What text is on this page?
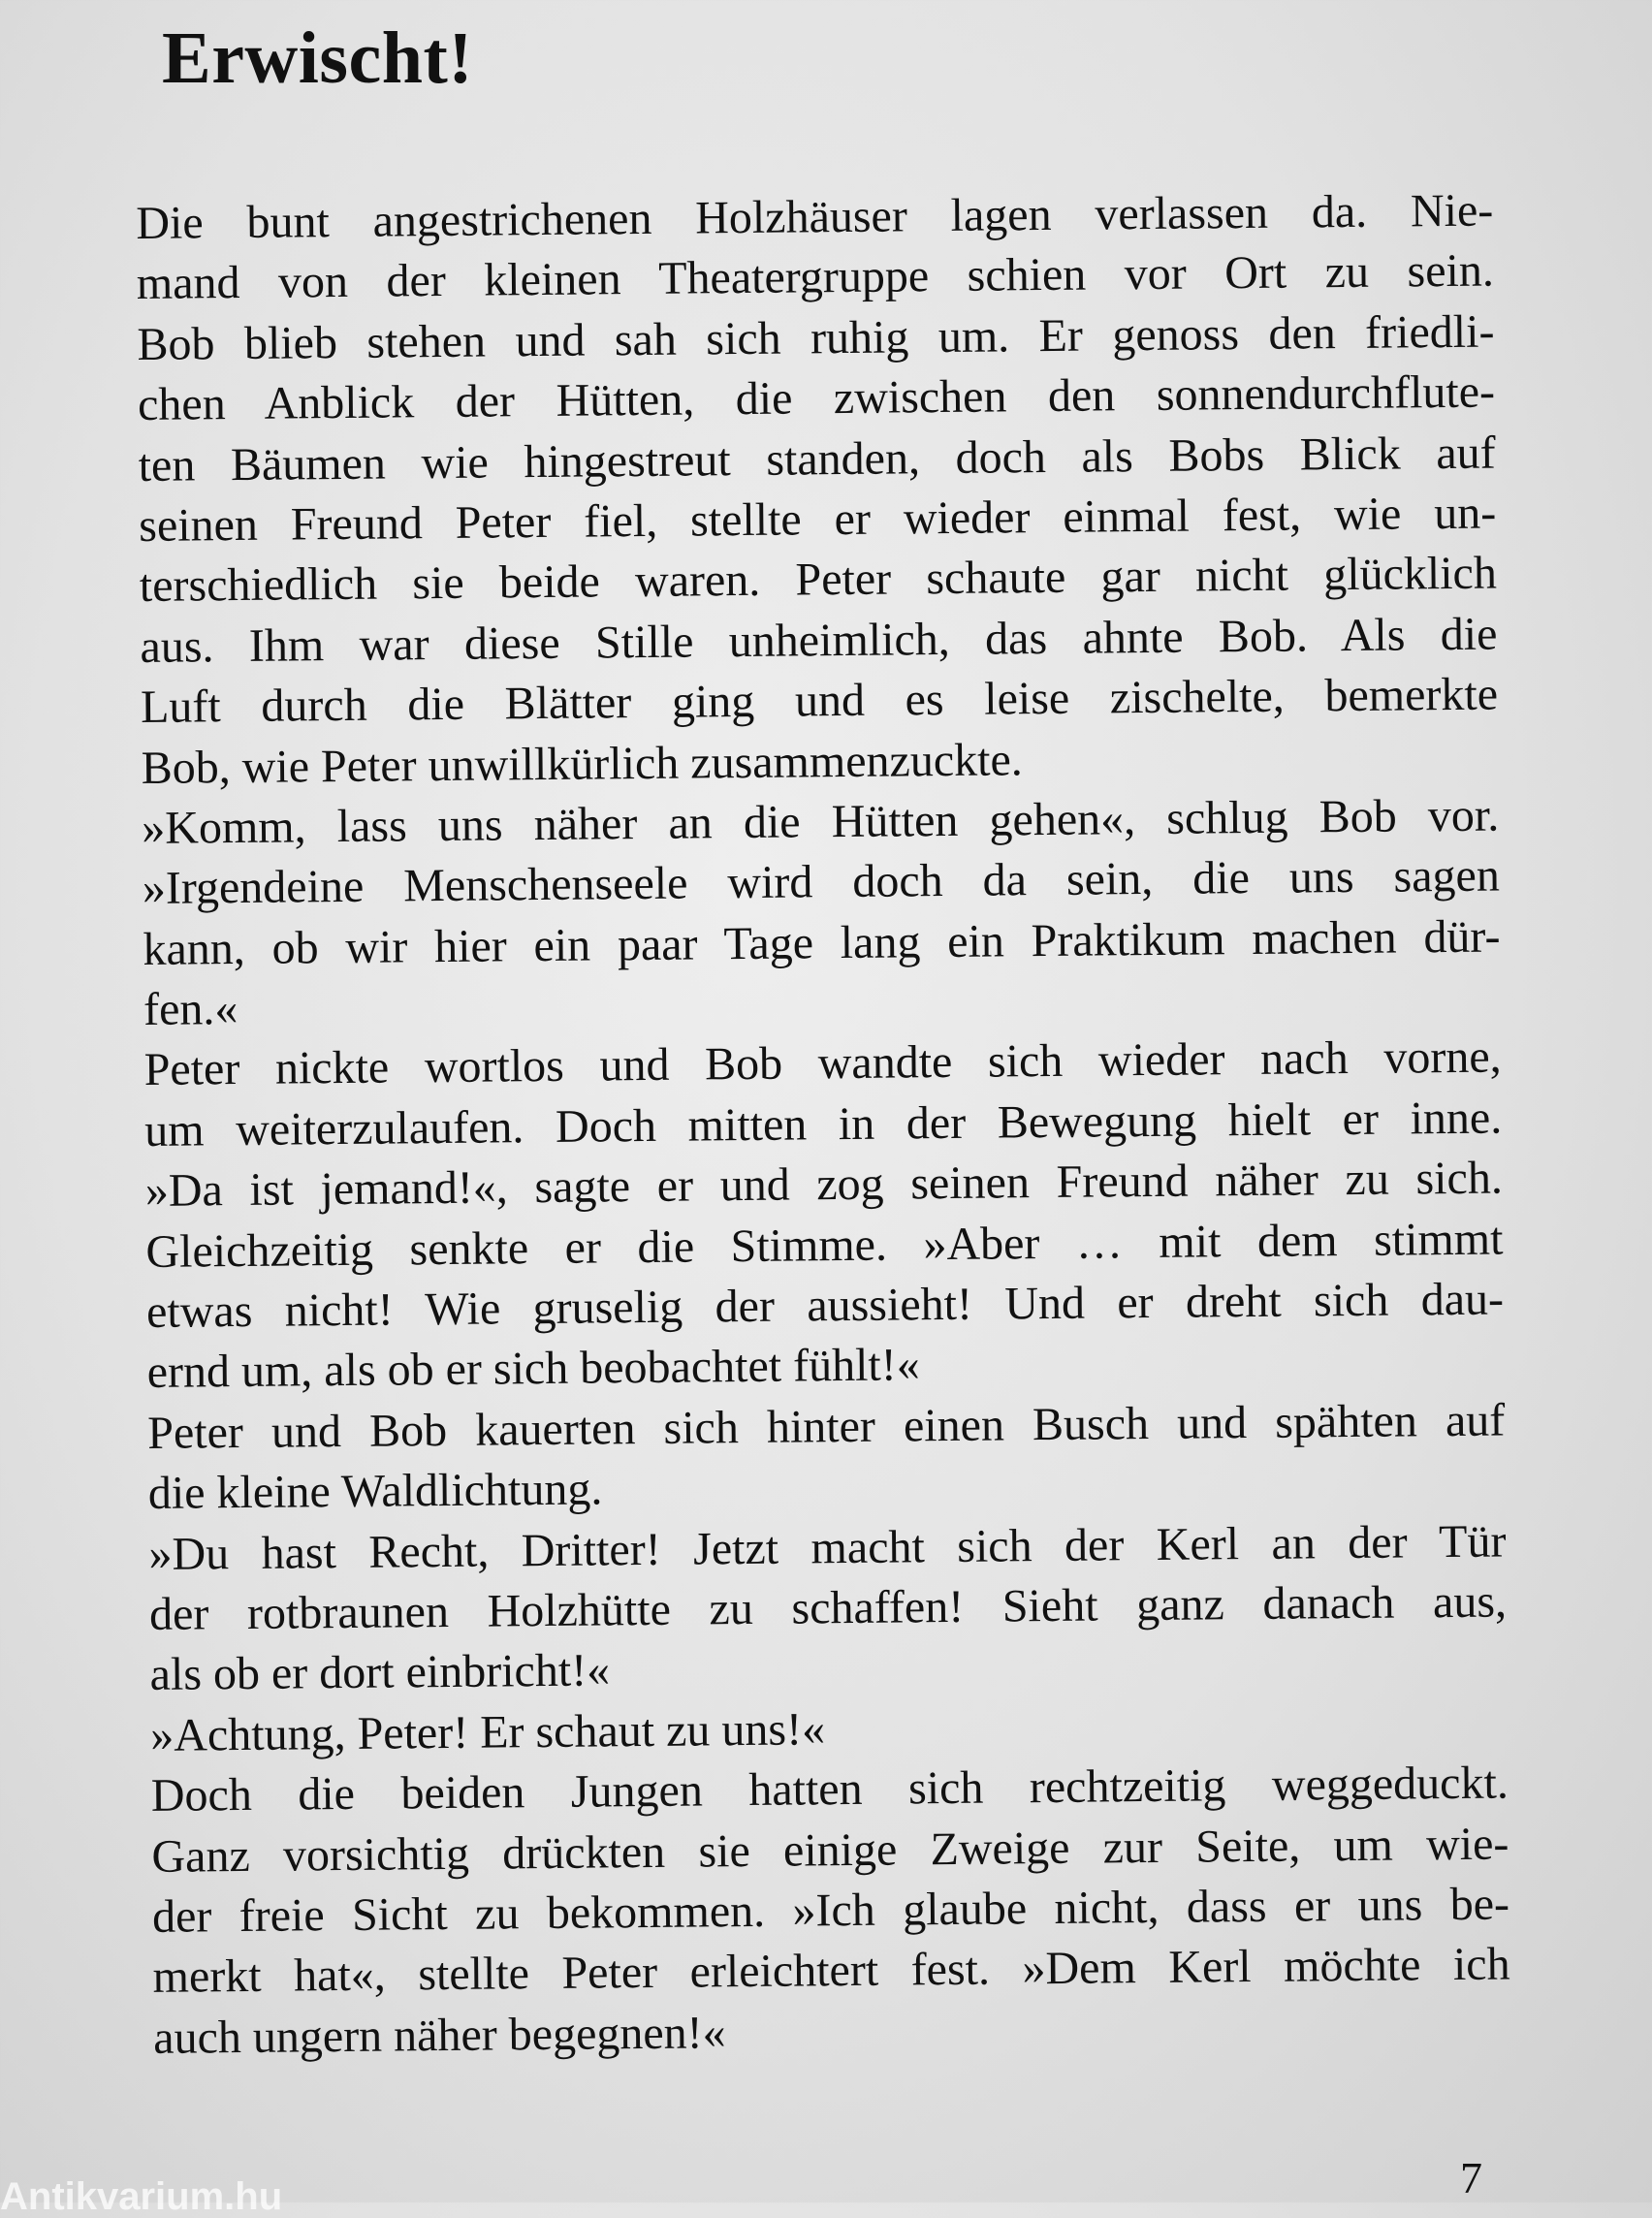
Erwischt!
Die bunt angestrichenen Holzhäuser lagen verlassen da. Nie-
mand von der kleinen Theatergruppe schien vor Ort zu sein.
Bob blieb stehen und sah sich ruhig um. Er genoss den friedli-
chen Anblick der Hütten, die zwischen den sonnendurchflute-
ten Bäumen wie hingestreut standen, doch als Bobs Blick auf
seinen Freund Peter fiel, stellte er wieder einmal fest, wie un-
terschiedlich sie beide waren. Peter schaute gar nicht glücklich
aus. Ihm war diese Stille unheimlich, das ahnte Bob. Als die
Luft durch die Blätter ging und es leise zischelte, bemerkte
Bob, wie Peter unwillkürlich zusammenzuckte.
»Komm, lass uns näher an die Hütten gehen«, schlug Bob vor.
»Irgendeine Menschenseele wird doch da sein, die uns sagen
kann, ob wir hier ein paar Tage lang ein Praktikum machen dür-
fen.«
Peter nickte wortlos und Bob wandte sich wieder nach vorne,
um weiterzulaufen. Doch mitten in der Bewegung hielt er inne.
»Da ist jemand!«, sagte er und zog seinen Freund näher zu sich.
Gleichzeitig senkte er die Stimme. »Aber … mit dem stimmt
etwas nicht! Wie gruselig der aussieht! Und er dreht sich dau-
ernd um, als ob er sich beobachtet fühlt!«
Peter und Bob kauerten sich hinter einen Busch und spähten auf
die kleine Waldlichtung.
»Du hast Recht, Dritter! Jetzt macht sich der Kerl an der Tür
der rotbraunen Holzhütte zu schaffen! Sieht ganz danach aus,
als ob er dort einbricht!«
»Achtung, Peter! Er schaut zu uns!«
Doch die beiden Jungen hatten sich rechtzeitig weggeduckt.
Ganz vorsichtig drückten sie einige Zweige zur Seite, um wie-
der freie Sicht zu bekommen. »Ich glaube nicht, dass er uns be-
merkt hat«, stellte Peter erleichtert fest. »Dem Kerl möchte ich
auch ungern näher begegnen!«
7
Antikvarium.hu
